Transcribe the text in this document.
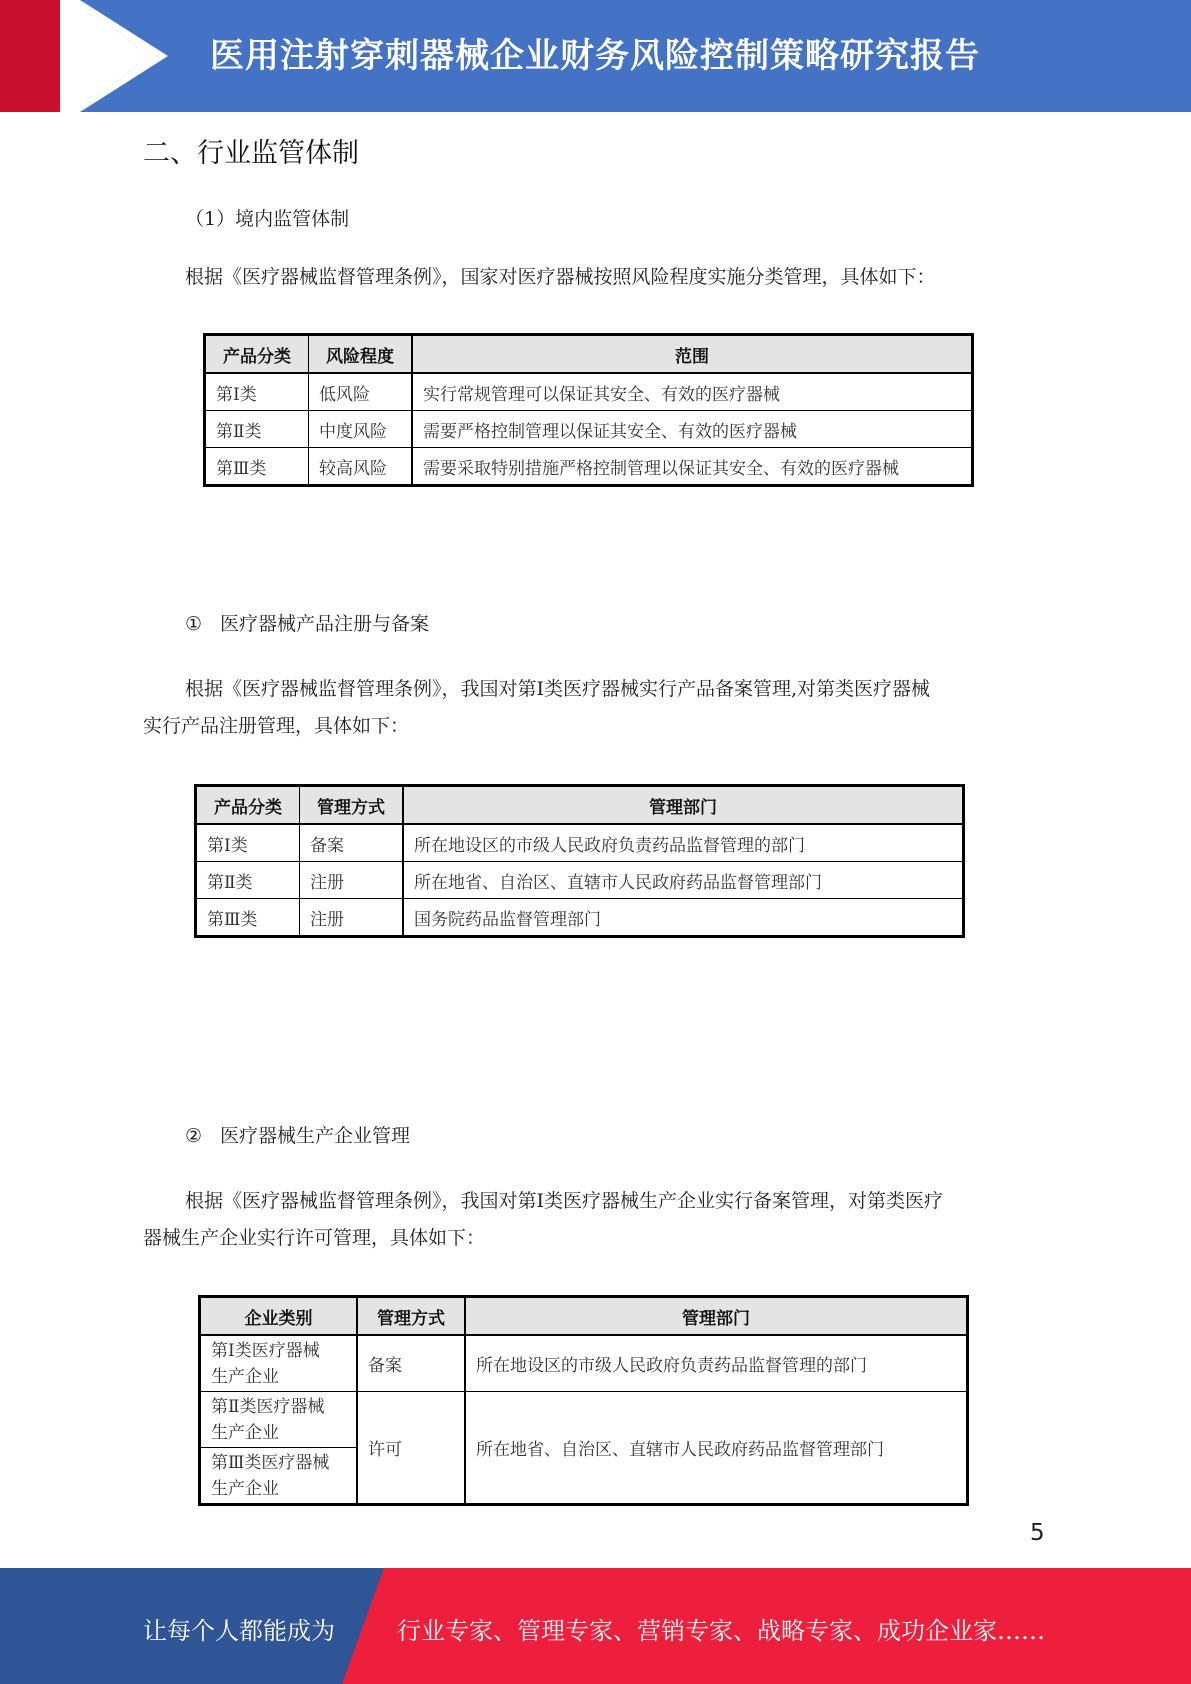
医用注射穿刺器械企业财务风险控制策略研究报告
二、行业监管体制
（1）境内监管体制
根据《医疗器械监督管理条例》，国家对医疗器械按照风险程度实施分类管理，具体如下：
产品分类	风险程度	范围
第Ⅰ类	低风险	实行常规管理可以保证其安全、有效的医疗器械
第Ⅱ类	中度风险	需要严格控制管理以保证其安全、有效的医疗器械
第Ⅲ类	较高风险	需要采取特别措施严格控制管理以保证其安全、有效的医疗器械
① 医疗器械产品注册与备案
根据《医疗器械监督管理条例》，我国对第Ⅰ类医疗器械实行产品备案管理,对第类医疗器械
实行产品注册管理，具体如下：
产品分类	管理方式	管理部门
第Ⅰ类	备案	所在地设区的市级人民政府负责药品监督管理的部门
第Ⅱ类	注册	所在地省、自治区、直辖市人民政府药品监督管理部门
第Ⅲ类	注册	国务院药品监督管理部门
② 医疗器械生产企业管理
根据《医疗器械监督管理条例》，我国对第Ⅰ类医疗器械生产企业实行备案管理，对第类医疗
器械生产企业实行许可管理，具体如下：
企业类别	管理方式	管理部门

第Ⅰ类医疗器械
生产企业	备案	所在地设区的市级人民政府负责药品监督管理的部门

第Ⅱ类医疗器械
生产企业	许可	所在地省、自治区、直辖市人民政府药品监督管理部门

第Ⅲ类医疗器械
生产企业		
5
让每个人都能成为	行业专家、管理专家、营销专家、战略专家、成功企业家……
